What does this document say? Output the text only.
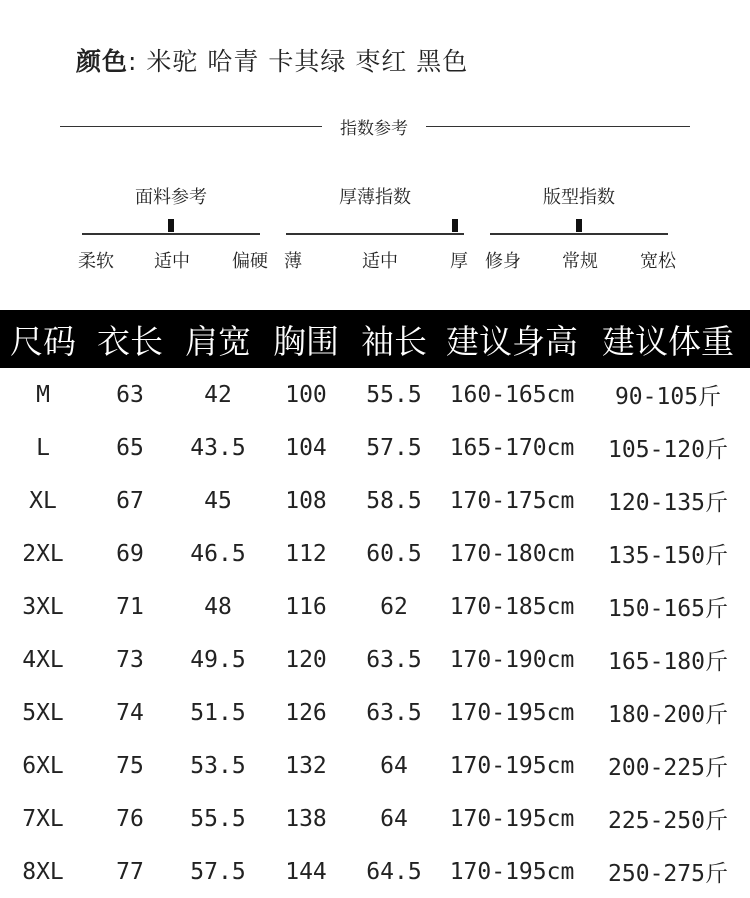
颜色: 米驼 哈青 卡其绿 枣红 黑色
指数参考
面料参考
柔软 适中 偏硬
厚薄指数
薄	适中	厚
版型指数
修身 常规 宽松
尺码 衣长 肩宽 胸围 袖长 建议身高 建议体重
M	63	42	100	55.5	160-165cm	90-105斤
L	65	43.5	104	57.5	165-170cm	105-120斤
XL	67	45	108	58.5	170-175cm	120-135斤
2XL	69	46.5	112	60.5	170-180cm	135-150斤
3XL	71	48	116	62	170-185cm	150-165斤
4XL	73	49.5	120	63.5	170-190cm	165-180斤
5XL	74	51.5	126	63.5	170-195cm	180-200斤
6XL	75	53.5	132	64	170-195cm	200-225斤
7XL	76	55.5	138	64	170-195cm	225-250斤
8XL	77	57.5	144	64.5	170-195cm	250-275斤
